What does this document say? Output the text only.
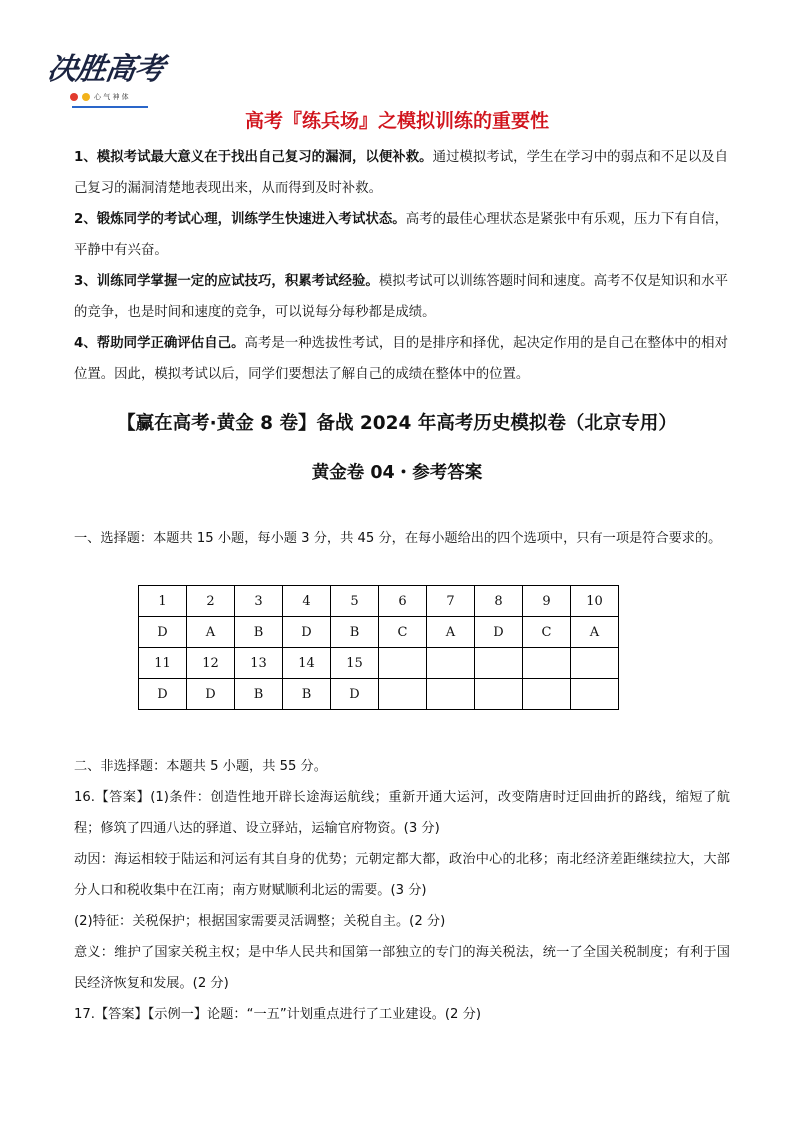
决胜高考
心 气 神 体
高考『练兵场』之模拟训练的重要性

1、模拟考试最大意义在于找出自己复习的漏洞，以便补救。通过模拟考试，学生在学习中的弱点和不足以及自己复习的漏洞清楚地表现出来，从而得到及时补救。

2、锻炼同学的考试心理，训练学生快速进入考试状态。高考的最佳心理状态是紧张中有乐观，压力下有自信，平静中有兴奋。

3、训练同学掌握一定的应试技巧，积累考试经验。模拟考试可以训练答题时间和速度。高考不仅是知识和水平的竞争，也是时间和速度的竞争，可以说每分每秒都是成绩。

4、帮助同学正确评估自己。高考是一种选拔性考试，目的是排序和择优，起决定作用的是自己在整体中的相对位置。因此，模拟考试以后，同学们要想法了解自己的成绩在整体中的位置。

【赢在高考·黄金 8 卷】备战 2024 年高考历史模拟卷（北京专用）
黄金卷 04・参考答案

一、选择题：本题共 15 小题，每小题 3 分，共 45 分，在每小题给出的四个选项中，只有一项是符合要求的。

1	2	3	4	5	6	7	8	9	10
D	A	B	D	B	C	A	D	C	A
11	12	13	14	15					
D	D	B	B	D					

二、非选择题：本题共 5 小题，共 55 分。

16.【答案】(1)条件：创造性地开辟长途海运航线；重新开通大运河，改变隋唐时迂回曲折的路线，缩短了航程；修筑了四通八达的驿道、设立驿站，运输官府物资。(3 分)

动因：海运相较于陆运和河运有其自身的优势；元朝定都大都，政治中心的北移；南北经济差距继续拉大，大部分人口和税收集中在江南；南方财赋顺利北运的需要。(3 分)

(2)特征：关税保护；根据国家需要灵活调整；关税自主。(2 分)

意义：维护了国家关税主权；是中华人民共和国第一部独立的专门的海关税法，统一了全国关税制度；有利于国民经济恢复和发展。(2 分)

17.【答案】【示例一】论题：“一五”计划重点进行了工业建设。(2 分)
